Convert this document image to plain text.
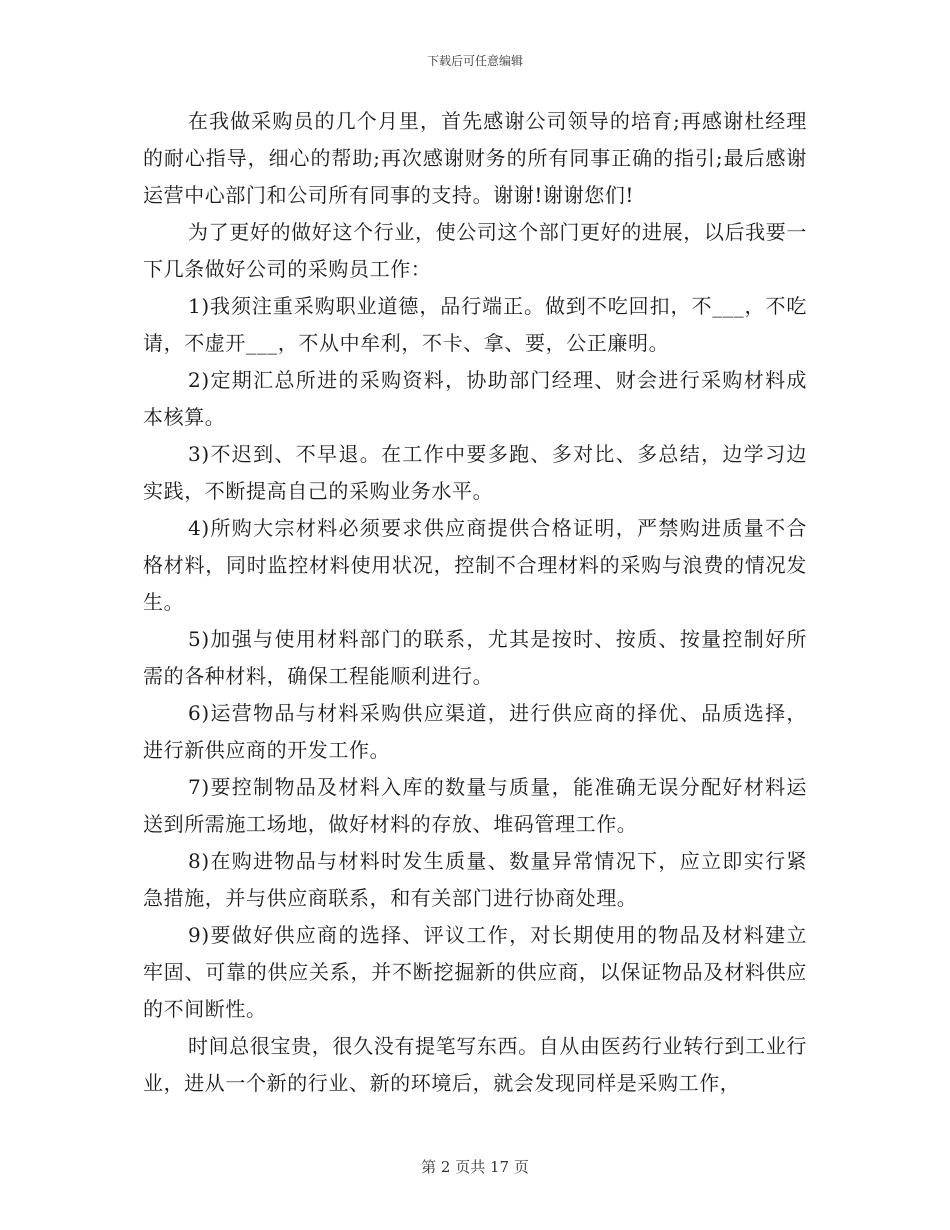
下载后可任意编辑

在我做采购员的几个月里，首先感谢公司领导的培育;再感谢杜经理的耐心指导，细心的帮助;再次感谢财务的所有同事正确的指引;最后感谢运营中心部门和公司所有同事的支持。谢谢!谢谢您们!

为了更好的做好这个行业，使公司这个部门更好的进展，以后我要一下几条做好公司的采购员工作：

1)我须注重采购职业道德，品行端正。做到不吃回扣，不___，不吃请，不虚开___，不从中牟利，不卡、拿、要，公正廉明。

2)定期汇总所进的采购资料，协助部门经理、财会进行采购材料成本核算。

3)不迟到、不早退。在工作中要多跑、多对比、多总结，边学习边实践，不断提高自己的采购业务水平。

4)所购大宗材料必须要求供应商提供合格证明，严禁购进质量不合格材料，同时监控材料使用状况，控制不合理材料的采购与浪费的情况发生。

5)加强与使用材料部门的联系，尤其是按时、按质、按量控制好所需的各种材料，确保工程能顺利进行。

6)运营物品与材料采购供应渠道，进行供应商的择优、品质选择，进行新供应商的开发工作。

7)要控制物品及材料入库的数量与质量，能准确无误分配好材料运送到所需施工场地，做好材料的存放、堆码管理工作。

8)在购进物品与材料时发生质量、数量异常情况下，应立即实行紧急措施，并与供应商联系，和有关部门进行协商处理。

9)要做好供应商的选择、评议工作，对长期使用的物品及材料建立牢固、可靠的供应关系，并不断挖掘新的供应商，以保证物品及材料供应的不间断性。

时间总很宝贵，很久没有提笔写东西。自从由医药行业转行到工业行业，进从一个新的行业、新的环境后，就会发现同样是采购工作，

第 2 页共 17 页
